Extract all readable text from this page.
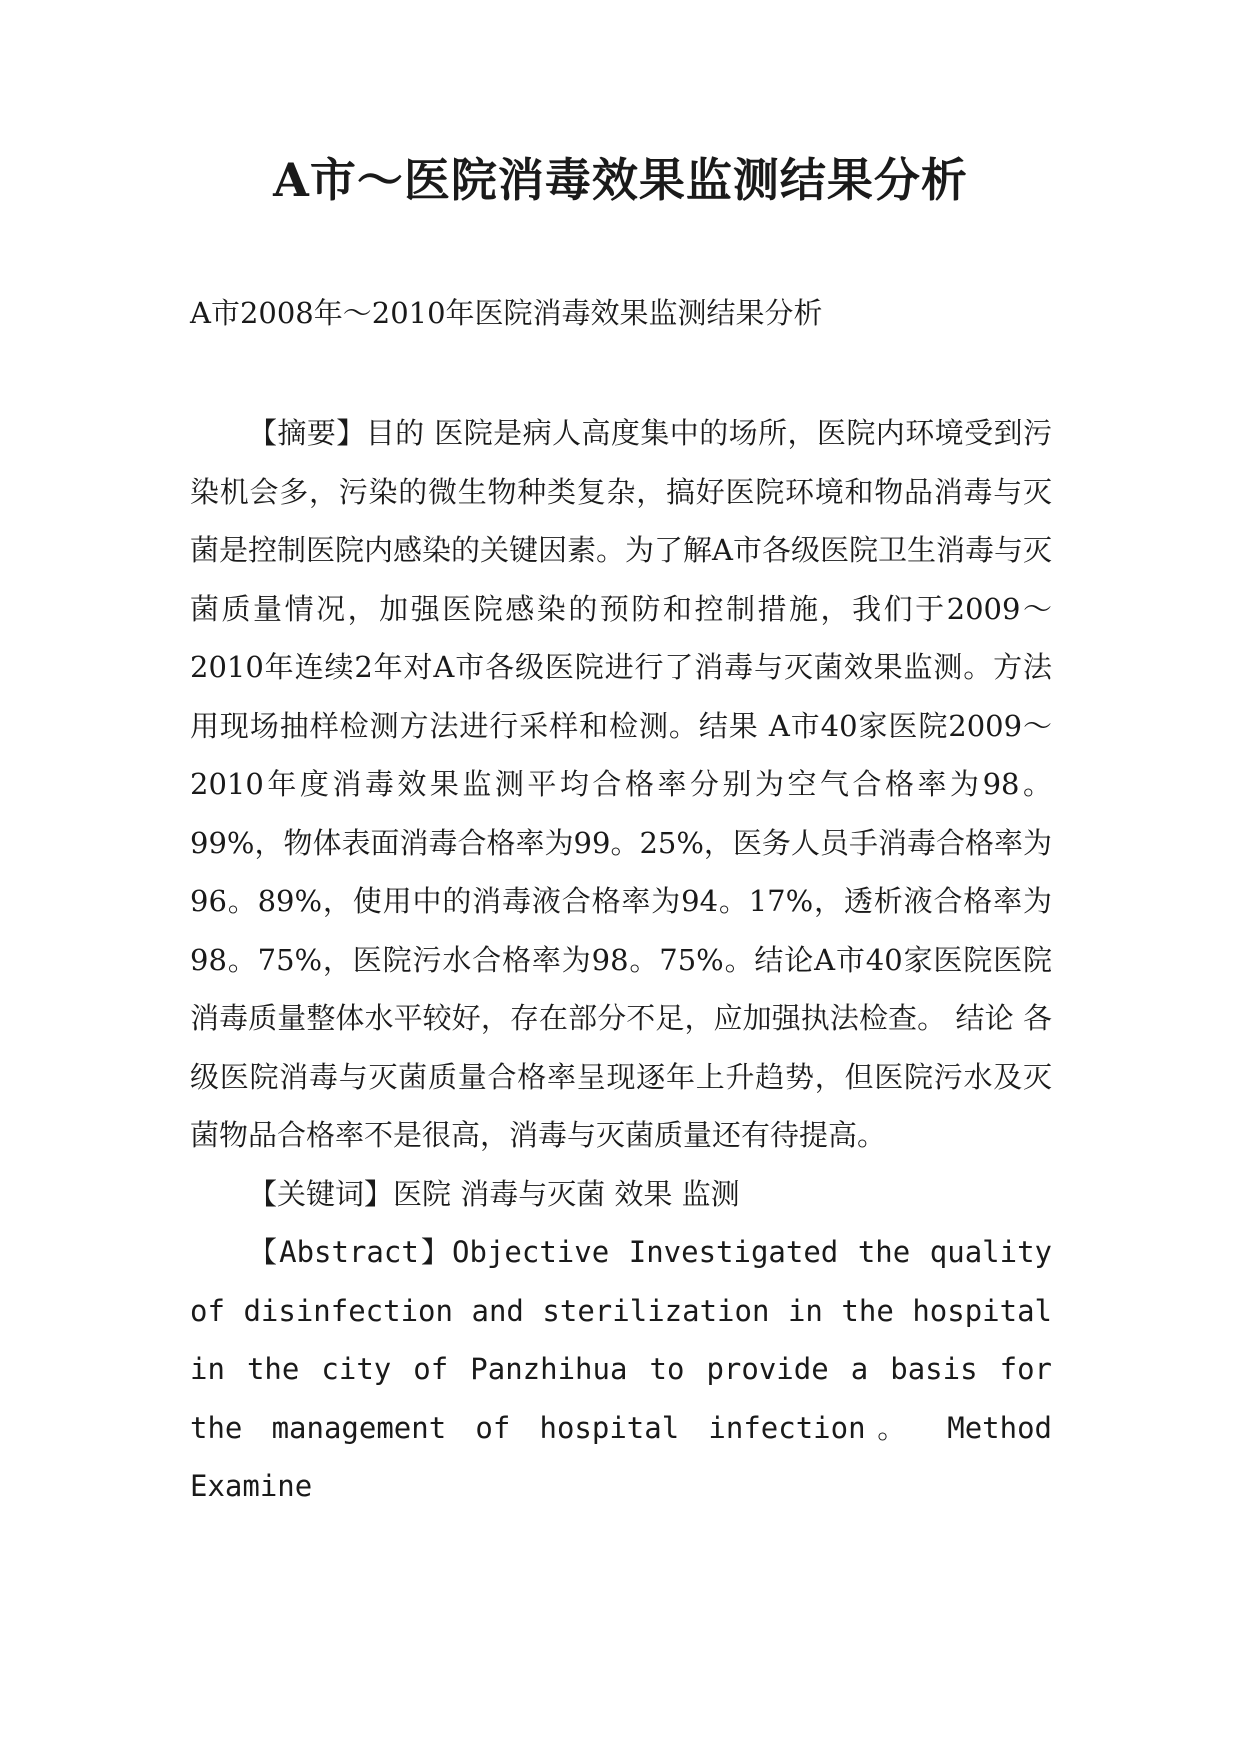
A市～医院消毒效果监测结果分析
A市2008年～2010年医院消毒效果监测结果分析

【摘要】目的 医院是病人高度集中的场所，医院内环境受到污染机会多，污染的微生物种类复杂，搞好医院环境和物品消毒与灭菌是控制医院内感染的关键因素。为了解A市各级医院卫生消毒与灭菌质量情况，加强医院感染的预防和控制措施，我们于2009～2010年连续2年对A市各级医院进行了消毒与灭菌效果监测。方法 用现场抽样检测方法进行采样和检测。结果 A市40家医院2009～2010年度消毒效果监测平均合格率分别为空气合格率为98。99%，物体表面消毒合格率为99。25%，医务人员手消毒合格率为96。89%，使用中的消毒液合格率为94。17%，透析液合格率为98。75%，医院污水合格率为98。75%。结论A市40家医院医院消毒质量整体水平较好，存在部分不足，应加强执法检查。 结论 各级医院消毒与灭菌质量合格率呈现逐年上升趋势，但医院污水及灭菌物品合格率不是很高，消毒与灭菌质量还有待提高。

【关键词】医院 消毒与灭菌 效果 监测

【Abstract】Objective Investigated the quality of disinfection and sterilization in the hospital in the city of Panzhihua to provide a basis for the management of hospital infection。 Method Examine
